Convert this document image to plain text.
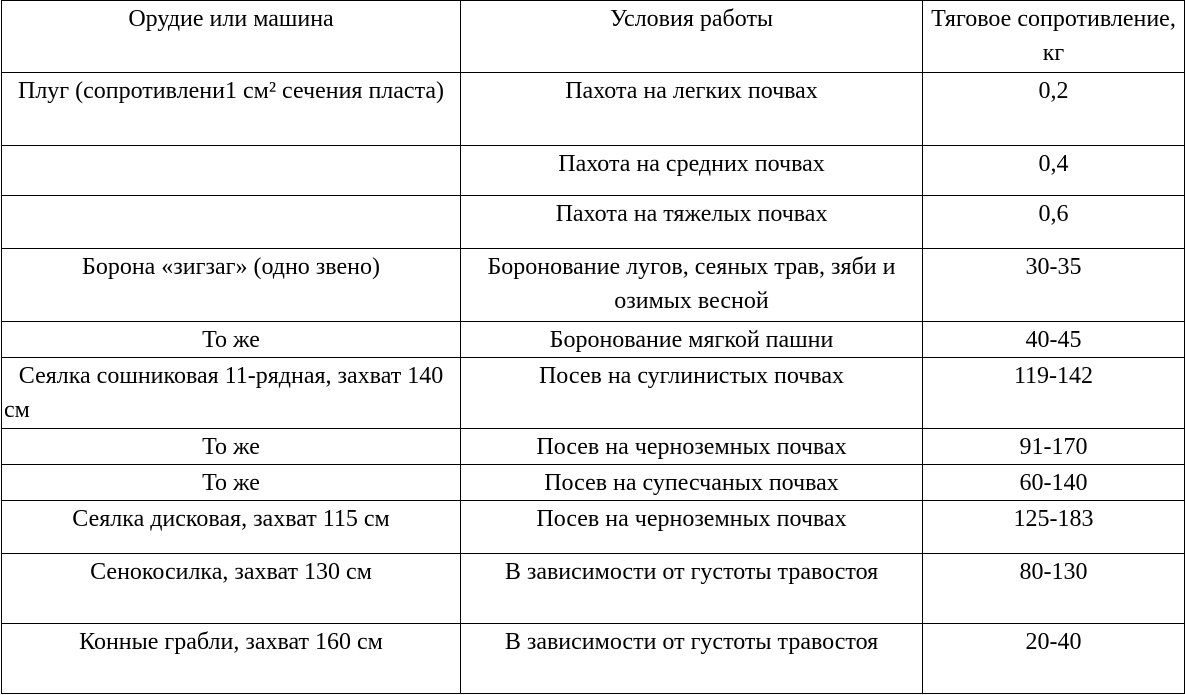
Орудие или машина	Условия работы	Тяговое сопротивление, кг
Плуг (сопротивлени1 см² сечения пласта)	Пахота на легких почвах	0,2
	Пахота на средних почвах	0,4
	Пахота на тяжелых почвах	0,6
Борона «зигзаг» (одно звено)	Боронование лугов, сеяных трав, зяби и озимых весной	30-35
То же	Боронование мягкой пашни	40-45
Сеялка сошниковая 11-рядная, захват 140 см	Посев на суглинистых почвах	119-142
То же	Посев на черноземных почвах	91-170
То же	Посев на супесчаных почвах	60-140
Сеялка дисковая, захват 115 см	Посев на черноземных почвах	125-183
Сенокосилка, захват 130 см	В зависимости от густоты травостоя	80-130
Конные грабли, захват 160 см	В зависимости от густоты травостоя	20-40
